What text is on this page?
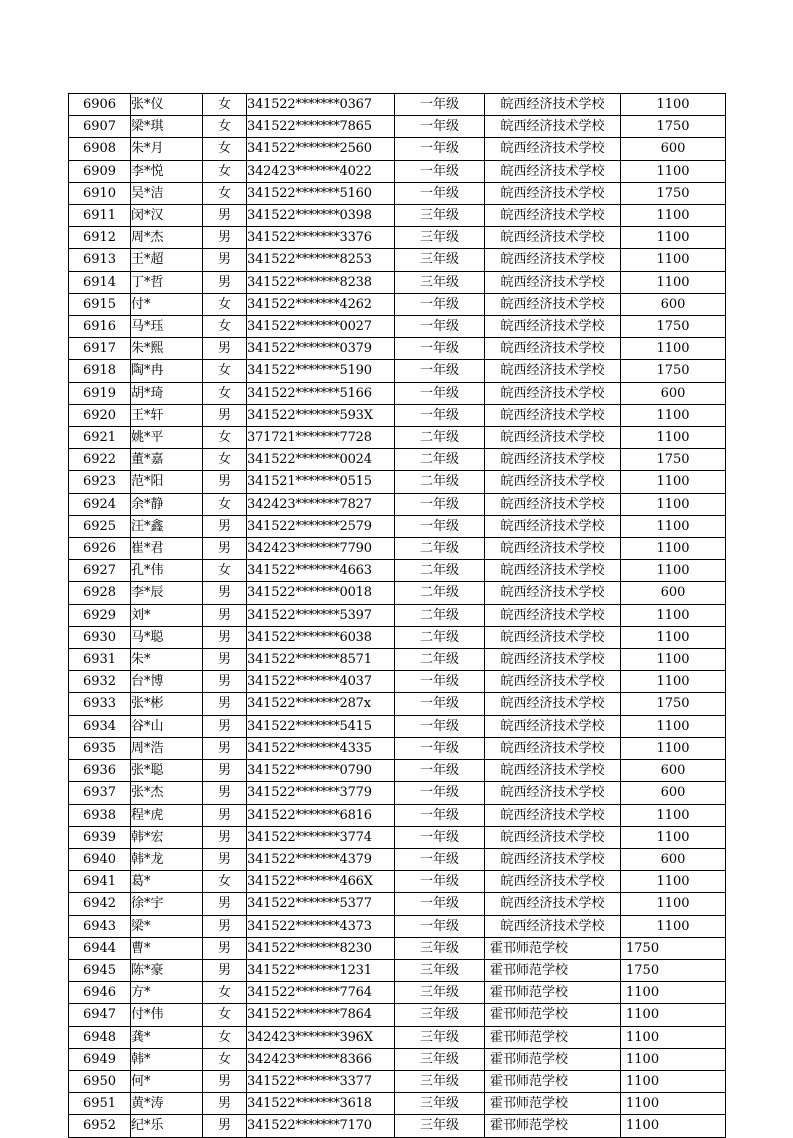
6906	张*仪	女	341522*******0367	一年级	皖西经济技术学校	1100
6907	梁*琪	女	341522*******7865	一年级	皖西经济技术学校	1750
6908	朱*月	女	341522*******2560	一年级	皖西经济技术学校	600
6909	李*悦	女	342423*******4022	一年级	皖西经济技术学校	1100
6910	吴*洁	女	341522*******5160	一年级	皖西经济技术学校	1750
6911	闵*汉	男	341522*******0398	三年级	皖西经济技术学校	1100
6912	周*杰	男	341522*******3376	三年级	皖西经济技术学校	1100
6913	王*超	男	341522*******8253	三年级	皖西经济技术学校	1100
6914	丁*哲	男	341522*******8238	三年级	皖西经济技术学校	1100
6915	付*	女	341522*******4262	一年级	皖西经济技术学校	600
6916	马*珏	女	341522*******0027	一年级	皖西经济技术学校	1750
6917	朱*熙	男	341522*******0379	一年级	皖西经济技术学校	1100
6918	陶*冉	女	341522*******5190	一年级	皖西经济技术学校	1750
6919	胡*琦	女	341522*******5166	一年级	皖西经济技术学校	600
6920	王*轩	男	341522*******593X	一年级	皖西经济技术学校	1100
6921	姚*平	女	371721*******7728	二年级	皖西经济技术学校	1100
6922	董*嘉	女	341522*******0024	二年级	皖西经济技术学校	1750
6923	范*阳	男	341521*******0515	二年级	皖西经济技术学校	1100
6924	余*静	女	342423*******7827	一年级	皖西经济技术学校	1100
6925	汪*鑫	男	341522*******2579	一年级	皖西经济技术学校	1100
6926	崔*君	男	342423*******7790	二年级	皖西经济技术学校	1100
6927	孔*伟	女	341522*******4663	二年级	皖西经济技术学校	1100
6928	李*辰	男	341522*******0018	二年级	皖西经济技术学校	600
6929	刘*	男	341522*******5397	二年级	皖西经济技术学校	1100
6930	马*聪	男	341522*******6038	二年级	皖西经济技术学校	1100
6931	朱*	男	341522*******8571	二年级	皖西经济技术学校	1100
6932	台*博	男	341522*******4037	一年级	皖西经济技术学校	1100
6933	张*彬	男	341522*******287x	一年级	皖西经济技术学校	1750
6934	谷*山	男	341522*******5415	一年级	皖西经济技术学校	1100
6935	周*浩	男	341522*******4335	一年级	皖西经济技术学校	1100
6936	张*聪	男	341522*******0790	一年级	皖西经济技术学校	600
6937	张*杰	男	341522*******3779	一年级	皖西经济技术学校	600
6938	程*虎	男	341522*******6816	一年级	皖西经济技术学校	1100
6939	韩*宏	男	341522*******3774	一年级	皖西经济技术学校	1100
6940	韩*龙	男	341522*******4379	一年级	皖西经济技术学校	600
6941	葛*	女	341522*******466X	一年级	皖西经济技术学校	1100
6942	徐*宇	男	341522*******5377	一年级	皖西经济技术学校	1100
6943	梁*	男	341522*******4373	一年级	皖西经济技术学校	1100
6944	曹*	男	341522*******8230	三年级	霍邗师范学校	1750
6945	陈*豪	男	341522*******1231	三年级	霍邗师范学校	1750
6946	方*	女	341522*******7764	三年级	霍邗师范学校	1100
6947	付*伟	女	341522*******7864	三年级	霍邗师范学校	1100
6948	龚*	女	342423*******396X	三年级	霍邗师范学校	1100
6949	韩*	女	342423*******8366	三年级	霍邗师范学校	1100
6950	何*	男	341522*******3377	三年级	霍邗师范学校	1100
6951	黄*涛	男	341522*******3618	三年级	霍邗师范学校	1100
6952	纪*乐	男	341522*******7170	三年级	霍邗师范学校	1100
